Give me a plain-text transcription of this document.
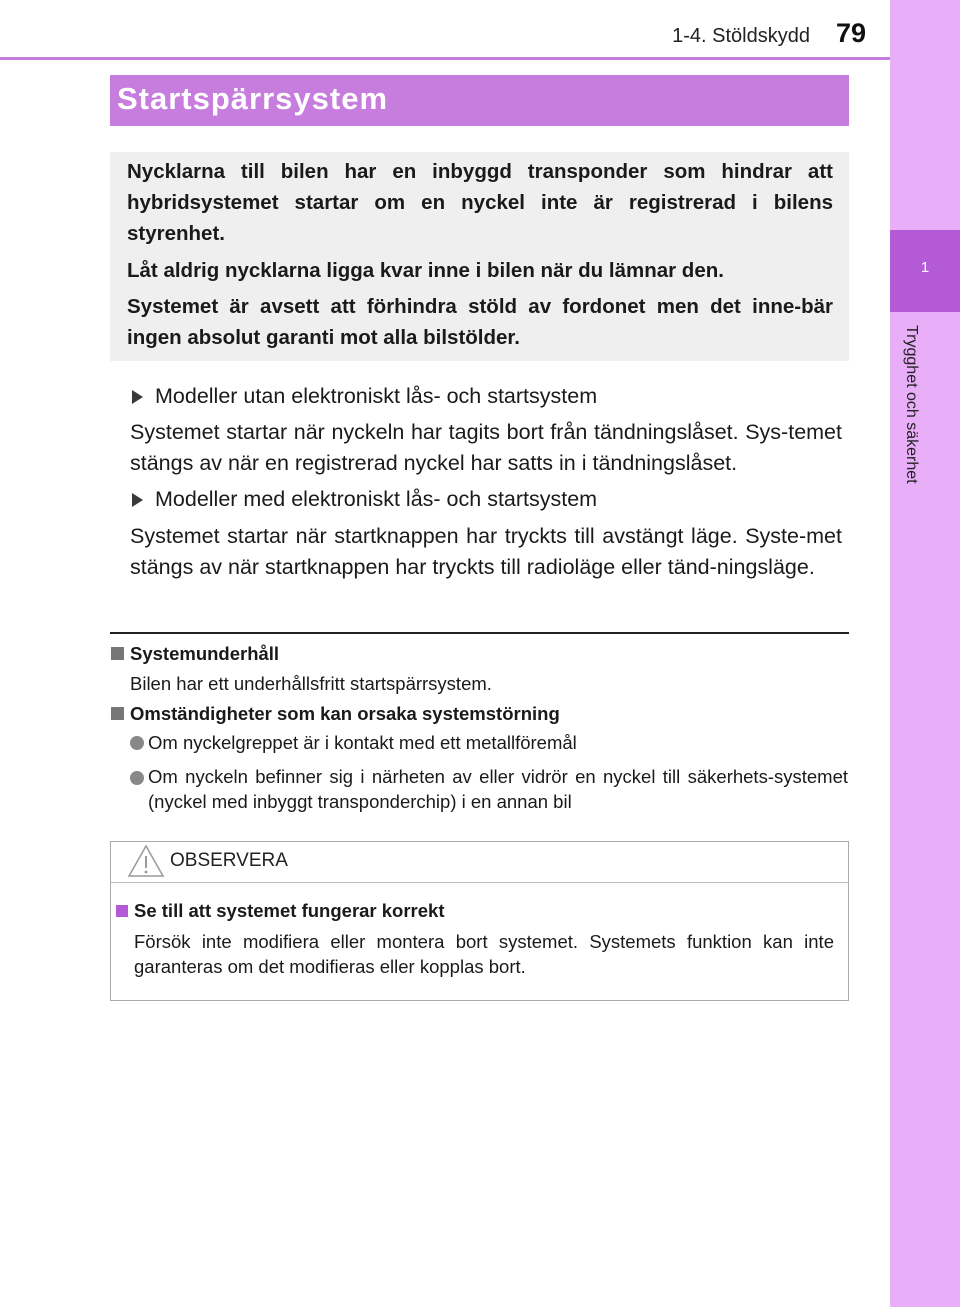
1-4. Stöldskydd 79
1
Trygghet och säkerhet
Startspärrsystem
Nycklarna till bilen har en inbyggd transponder som hindrar att hybridsystemet startar om en nyckel inte är registrerad i bilens styrenhet.
Låt aldrig nycklarna ligga kvar inne i bilen när du lämnar den.
Systemet är avsett att förhindra stöld av fordonet men det inne-bär ingen absolut garanti mot alla bilstölder.
Modeller utan elektroniskt lås- och startsystem
Systemet startar när nyckeln har tagits bort från tändningslåset. Sys-temet stängs av när en registrerad nyckel har satts in i tändningslåset.
Modeller med elektroniskt lås- och startsystem
Systemet startar när startknappen har tryckts till avstängt läge. Syste-met stängs av när startknappen har tryckts till radioläge eller tänd-ningsläge.
Systemunderhåll
Bilen har ett underhållsfritt startspärrsystem.
Omständigheter som kan orsaka systemstörning
Om nyckelgreppet är i kontakt med ett metallföremål
Om nyckeln befinner sig i närheten av eller vidrör en nyckel till säkerhets-systemet (nyckel med inbyggt transponderchip) i en annan bil
OBSERVERA
Se till att systemet fungerar korrekt
Försök inte modifiera eller montera bort systemet. Systemets funktion kan inte garanteras om det modifieras eller kopplas bort.
